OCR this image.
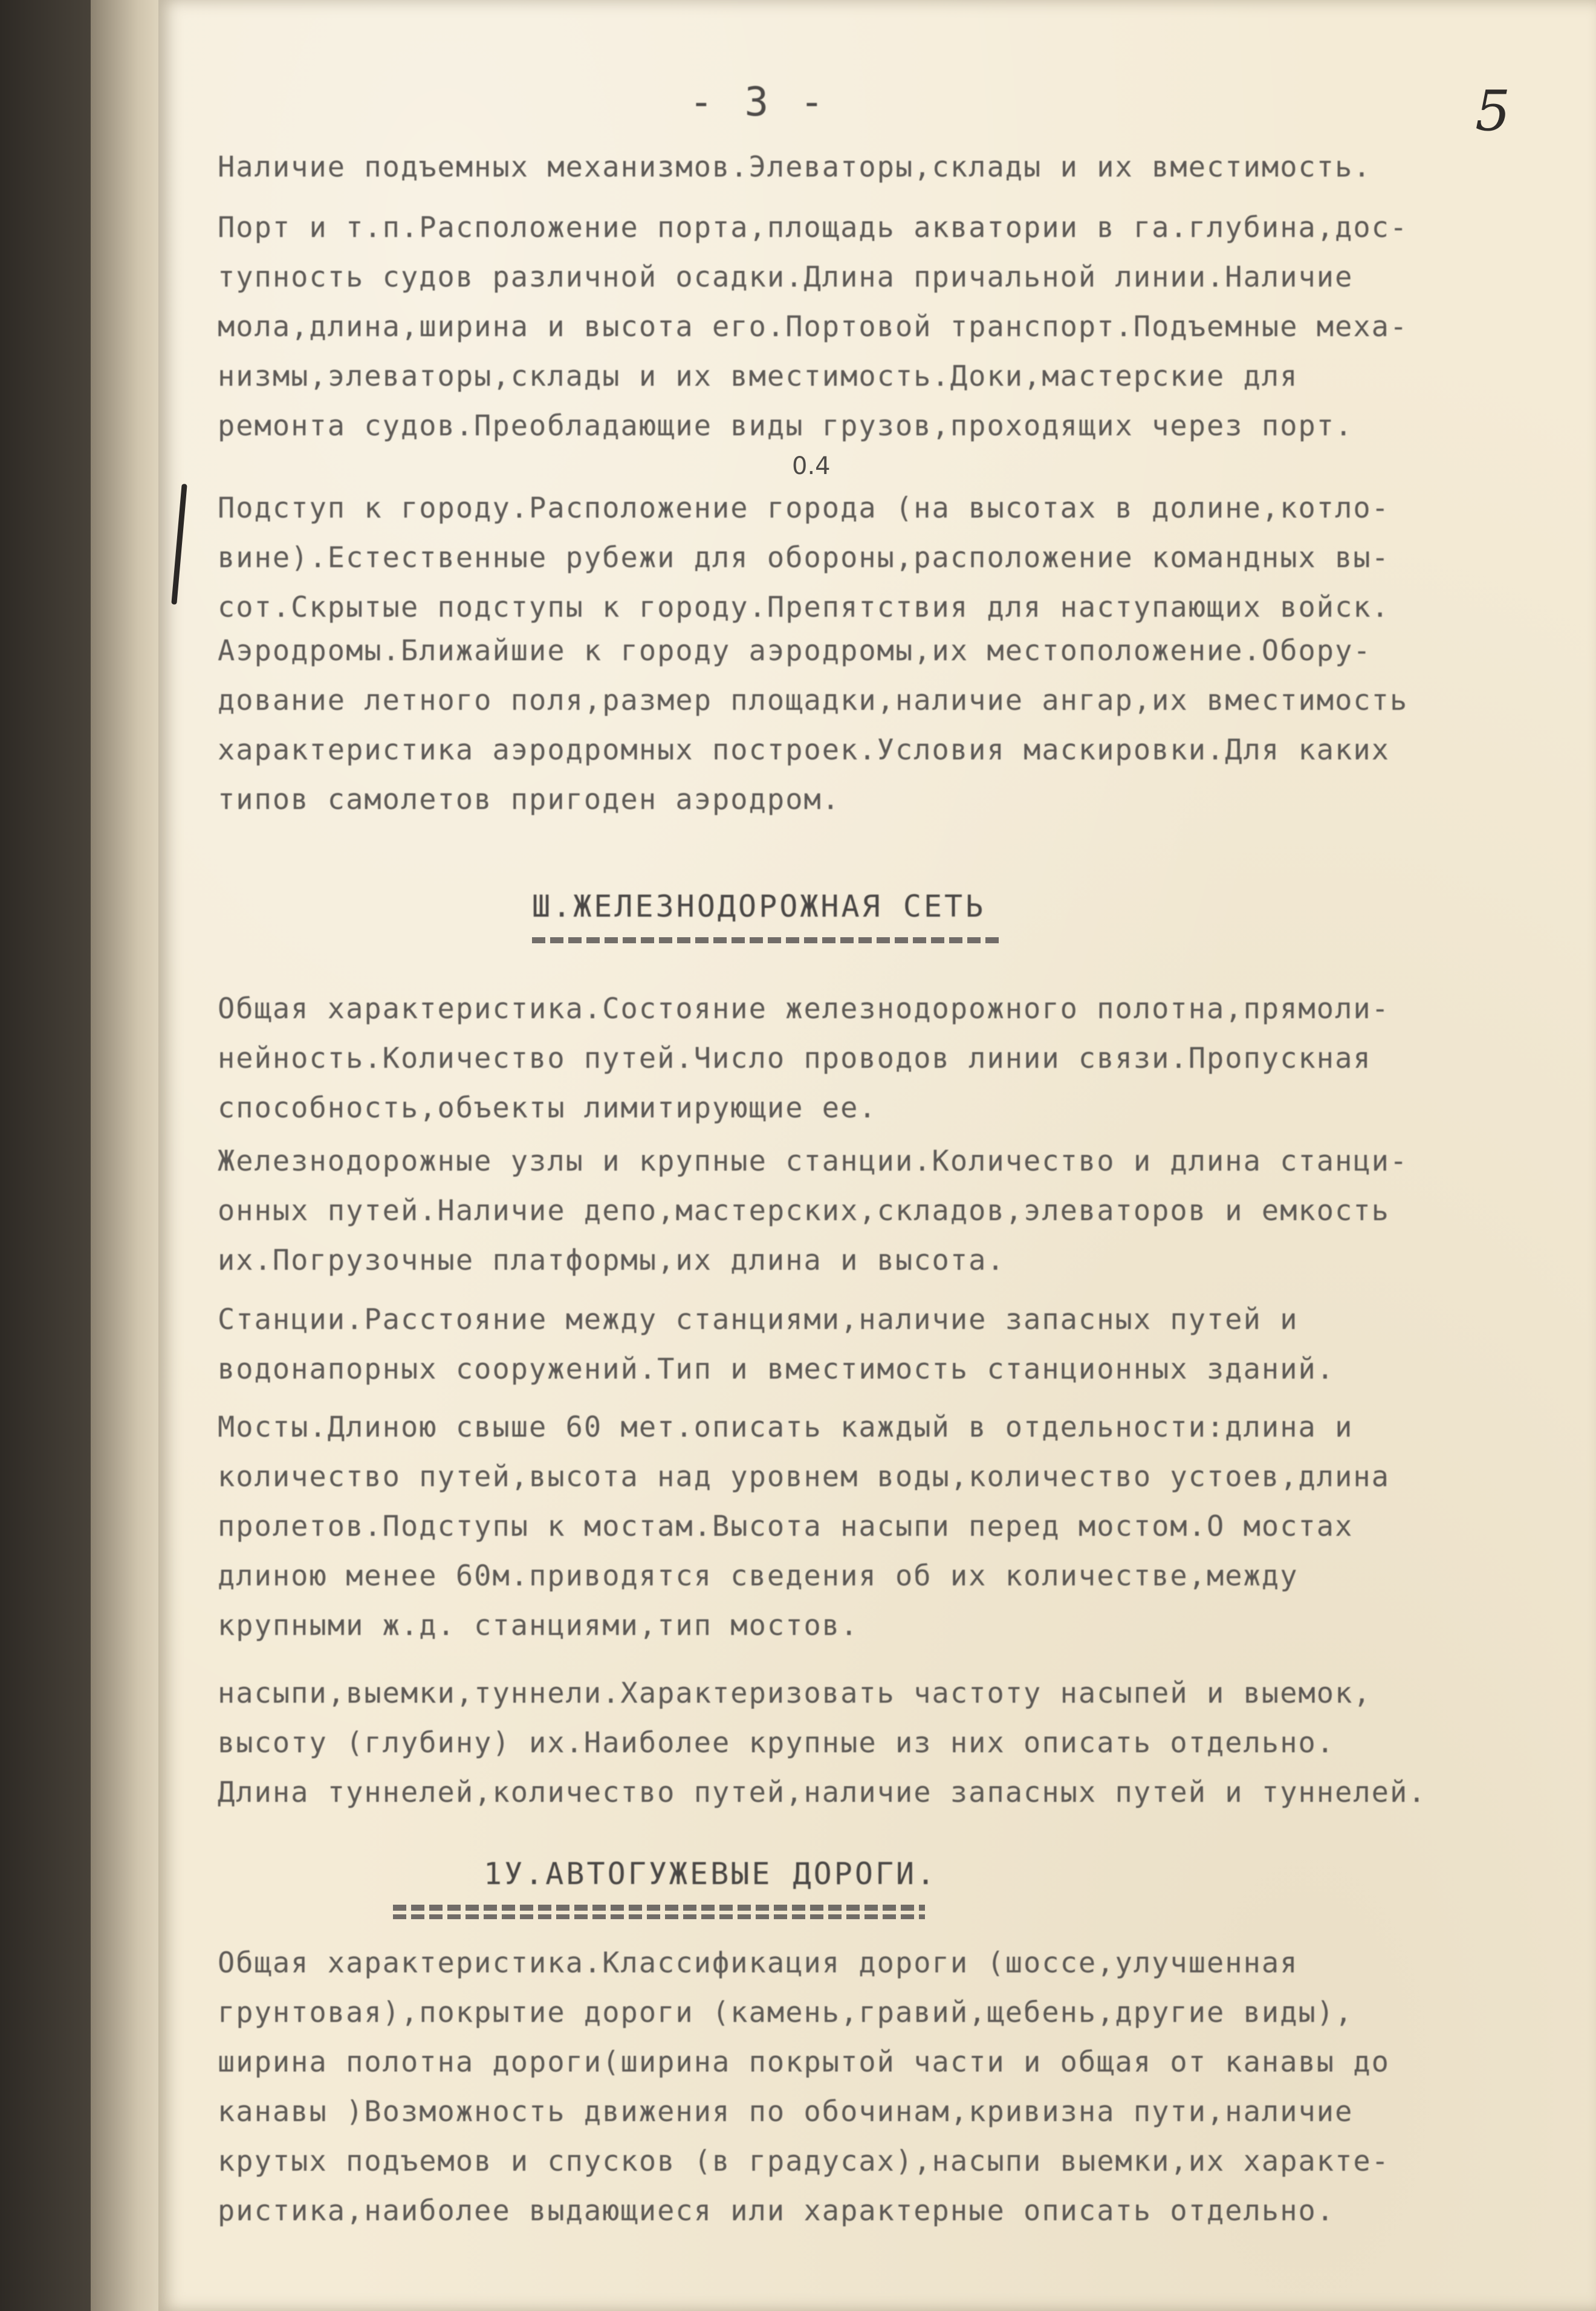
- 3 -	5
0.4
Наличие подъемных механизмов.Элеваторы,склады и их вместимость.
Порт и т.п.Расположение порта,площадь акватории в га.глубина,дос-
тупность судов различной осадки.Длина причальной линии.Наличие
мола,длина,ширина и высота его.Портовой транспорт.Подъемные меха-
низмы,элеваторы,склады и их вместимость.Доки,мастерские для
ремонта судов.Преобладающие виды грузов,проходящих через порт.
Подступ к городу.Расположение города (на высотах в долине,котло-
вине).Естественные рубежи для обороны,расположение командных вы-
сот.Скрытые подступы к городу.Препятствия для наступающих войск.
Аэродромы.Ближайшие к городу аэродромы,их местоположение.Обору-
дование летного поля,размер площадки,наличие ангар,их вместимость
характеристика аэродромных построек.Условия маскировки.Для каких
типов самолетов пригоден аэродром.
Ш.ЖЕЛЕЗНОДОРОЖНАЯ СЕТЬ
Общая характеристика.Состояние железнодорожного полотна,прямоли-
нейность.Количество путей.Число проводов линии связи.Пропускная
способность,объекты лимитирующие ее.
Железнодорожные узлы и крупные станции.Количество и длина станци-
онных путей.Наличие депо,мастерских,складов,элеваторов и емкость
их.Погрузочные платформы,их длина и высота.
Станции.Расстояние между станциями,наличие запасных путей и
водонапорных сооружений.Тип и вместимость станционных зданий.
Мосты.Длиною свыше 60 мет.описать каждый в отдельности:длина и
количество путей,высота над уровнем воды,количество устоев,длина
пролетов.Подступы к мостам.Высота насыпи перед мостом.О мостах
длиною менее 60м.приводятся сведения об их количестве,между
крупными ж.д. станциями,тип мостов.
насыпи,выемки,туннели.Характеризовать частоту насыпей и выемок,
высоту (глубину) их.Наиболее крупные из них описать отдельно.
Длина туннелей,количество путей,наличие запасных путей и туннелей.
1У.АВТОГУЖЕВЫЕ ДОРОГИ.
Общая характеристика.Классификация дороги (шоссе,улучшенная
грунтовая),покрытие дороги (камень,гравий,щебень,другие виды),
ширина полотна дороги(ширина покрытой части и общая от канавы до
канавы )Возможность движения по обочинам,кривизна пути,наличие
крутых подъемов и спусков (в градусах),насыпи выемки,их характе-
ристика,наиболее выдающиеся или характерные описать отдельно.
